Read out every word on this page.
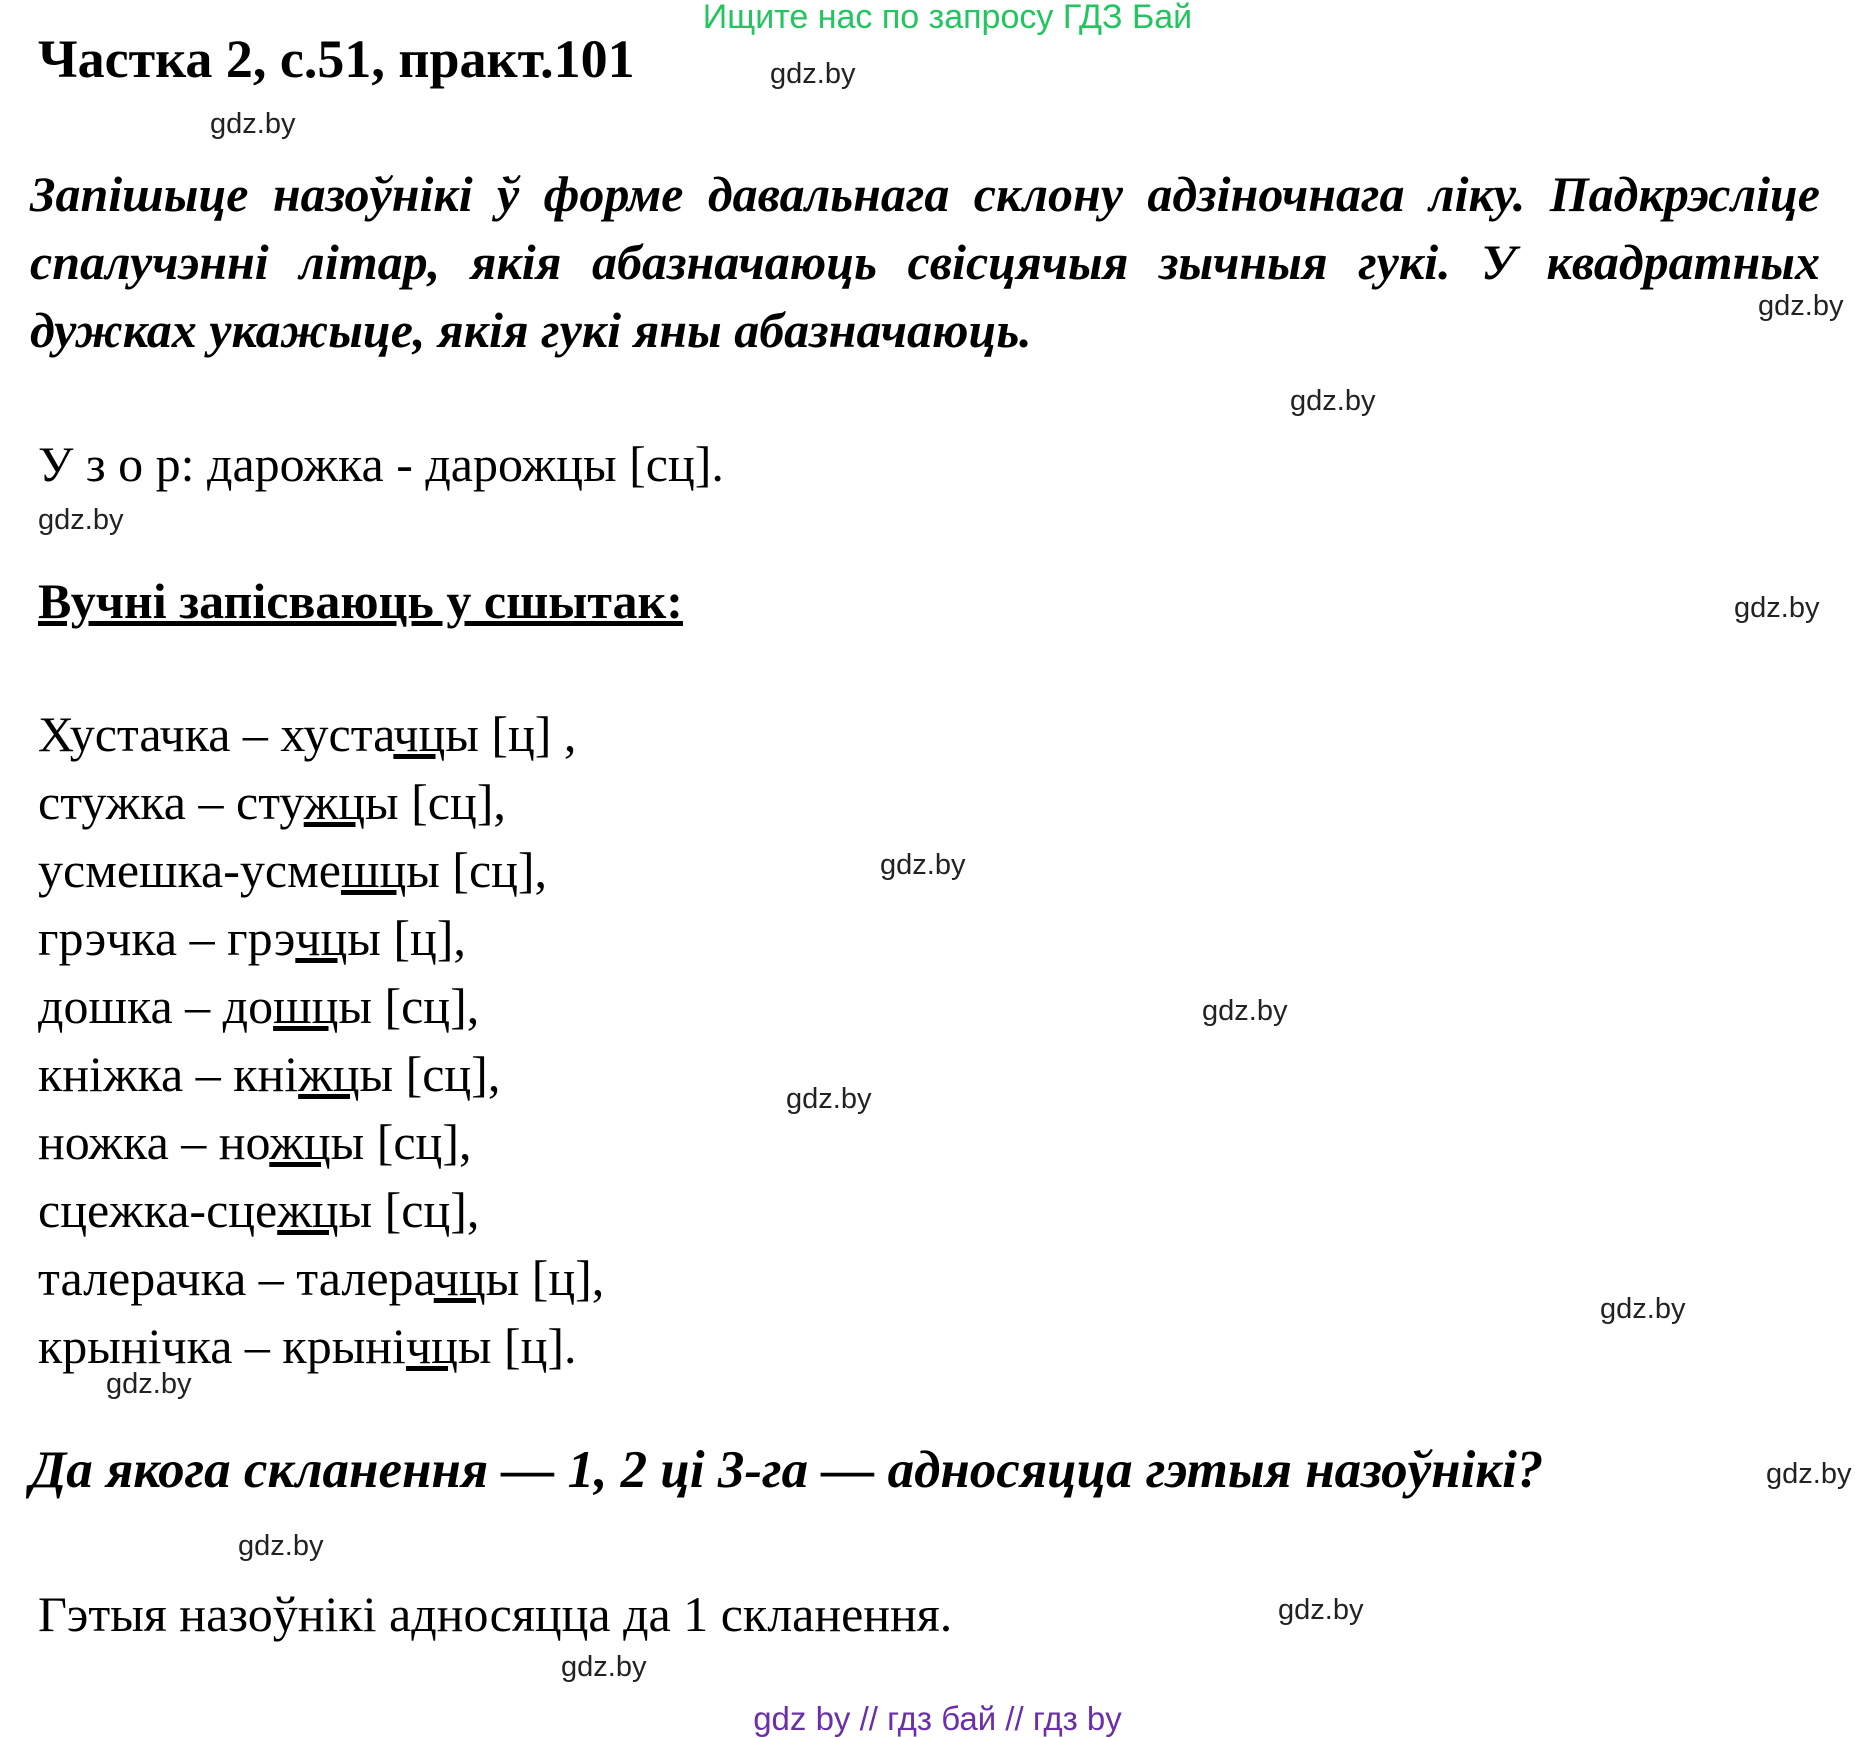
Ищите нас по запросу ГДЗ Бай
Частка 2, с.51, практ.101
Запішыце назоўнікі ў форме давальнага склону адзіночнага ліку. Падкрэсліце спалучэнні літар, якія абазначаюць свісцячыя зычныя гукі. У квадратных дужках укажыце, якія гукі яны абазначаюць.
У з о р: дарожка - дарожцы [сц].
Вучні запісваюць у сшытак:
Хустачка – хустачцы [ц] ,
стужка – стужцы [сц],
усмешка-усмешцы [сц],
грэчка – грэчцы [ц],
дошка – дошцы [сц],
кніжка – кніжцы [сц],
ножка – ножцы [сц],
сцежка-сцежцы [сц],
талерачка – талерачцы [ц],
крынічка – крынічцы [ц].
Да якога скланення — 1, 2 ці 3-га — адносяцца гэтыя назоўнікі?
Гэтыя назоўнікі адносяцца да 1 скланення.
gdz.by
gdz.by
gdz.by
gdz.by
gdz.by
gdz.by
gdz.by
gdz.by
gdz.by
gdz.by
gdz.by
gdz.by
gdz.by
gdz.by
gdz.by
gdz by // гдз бай // гдз by
